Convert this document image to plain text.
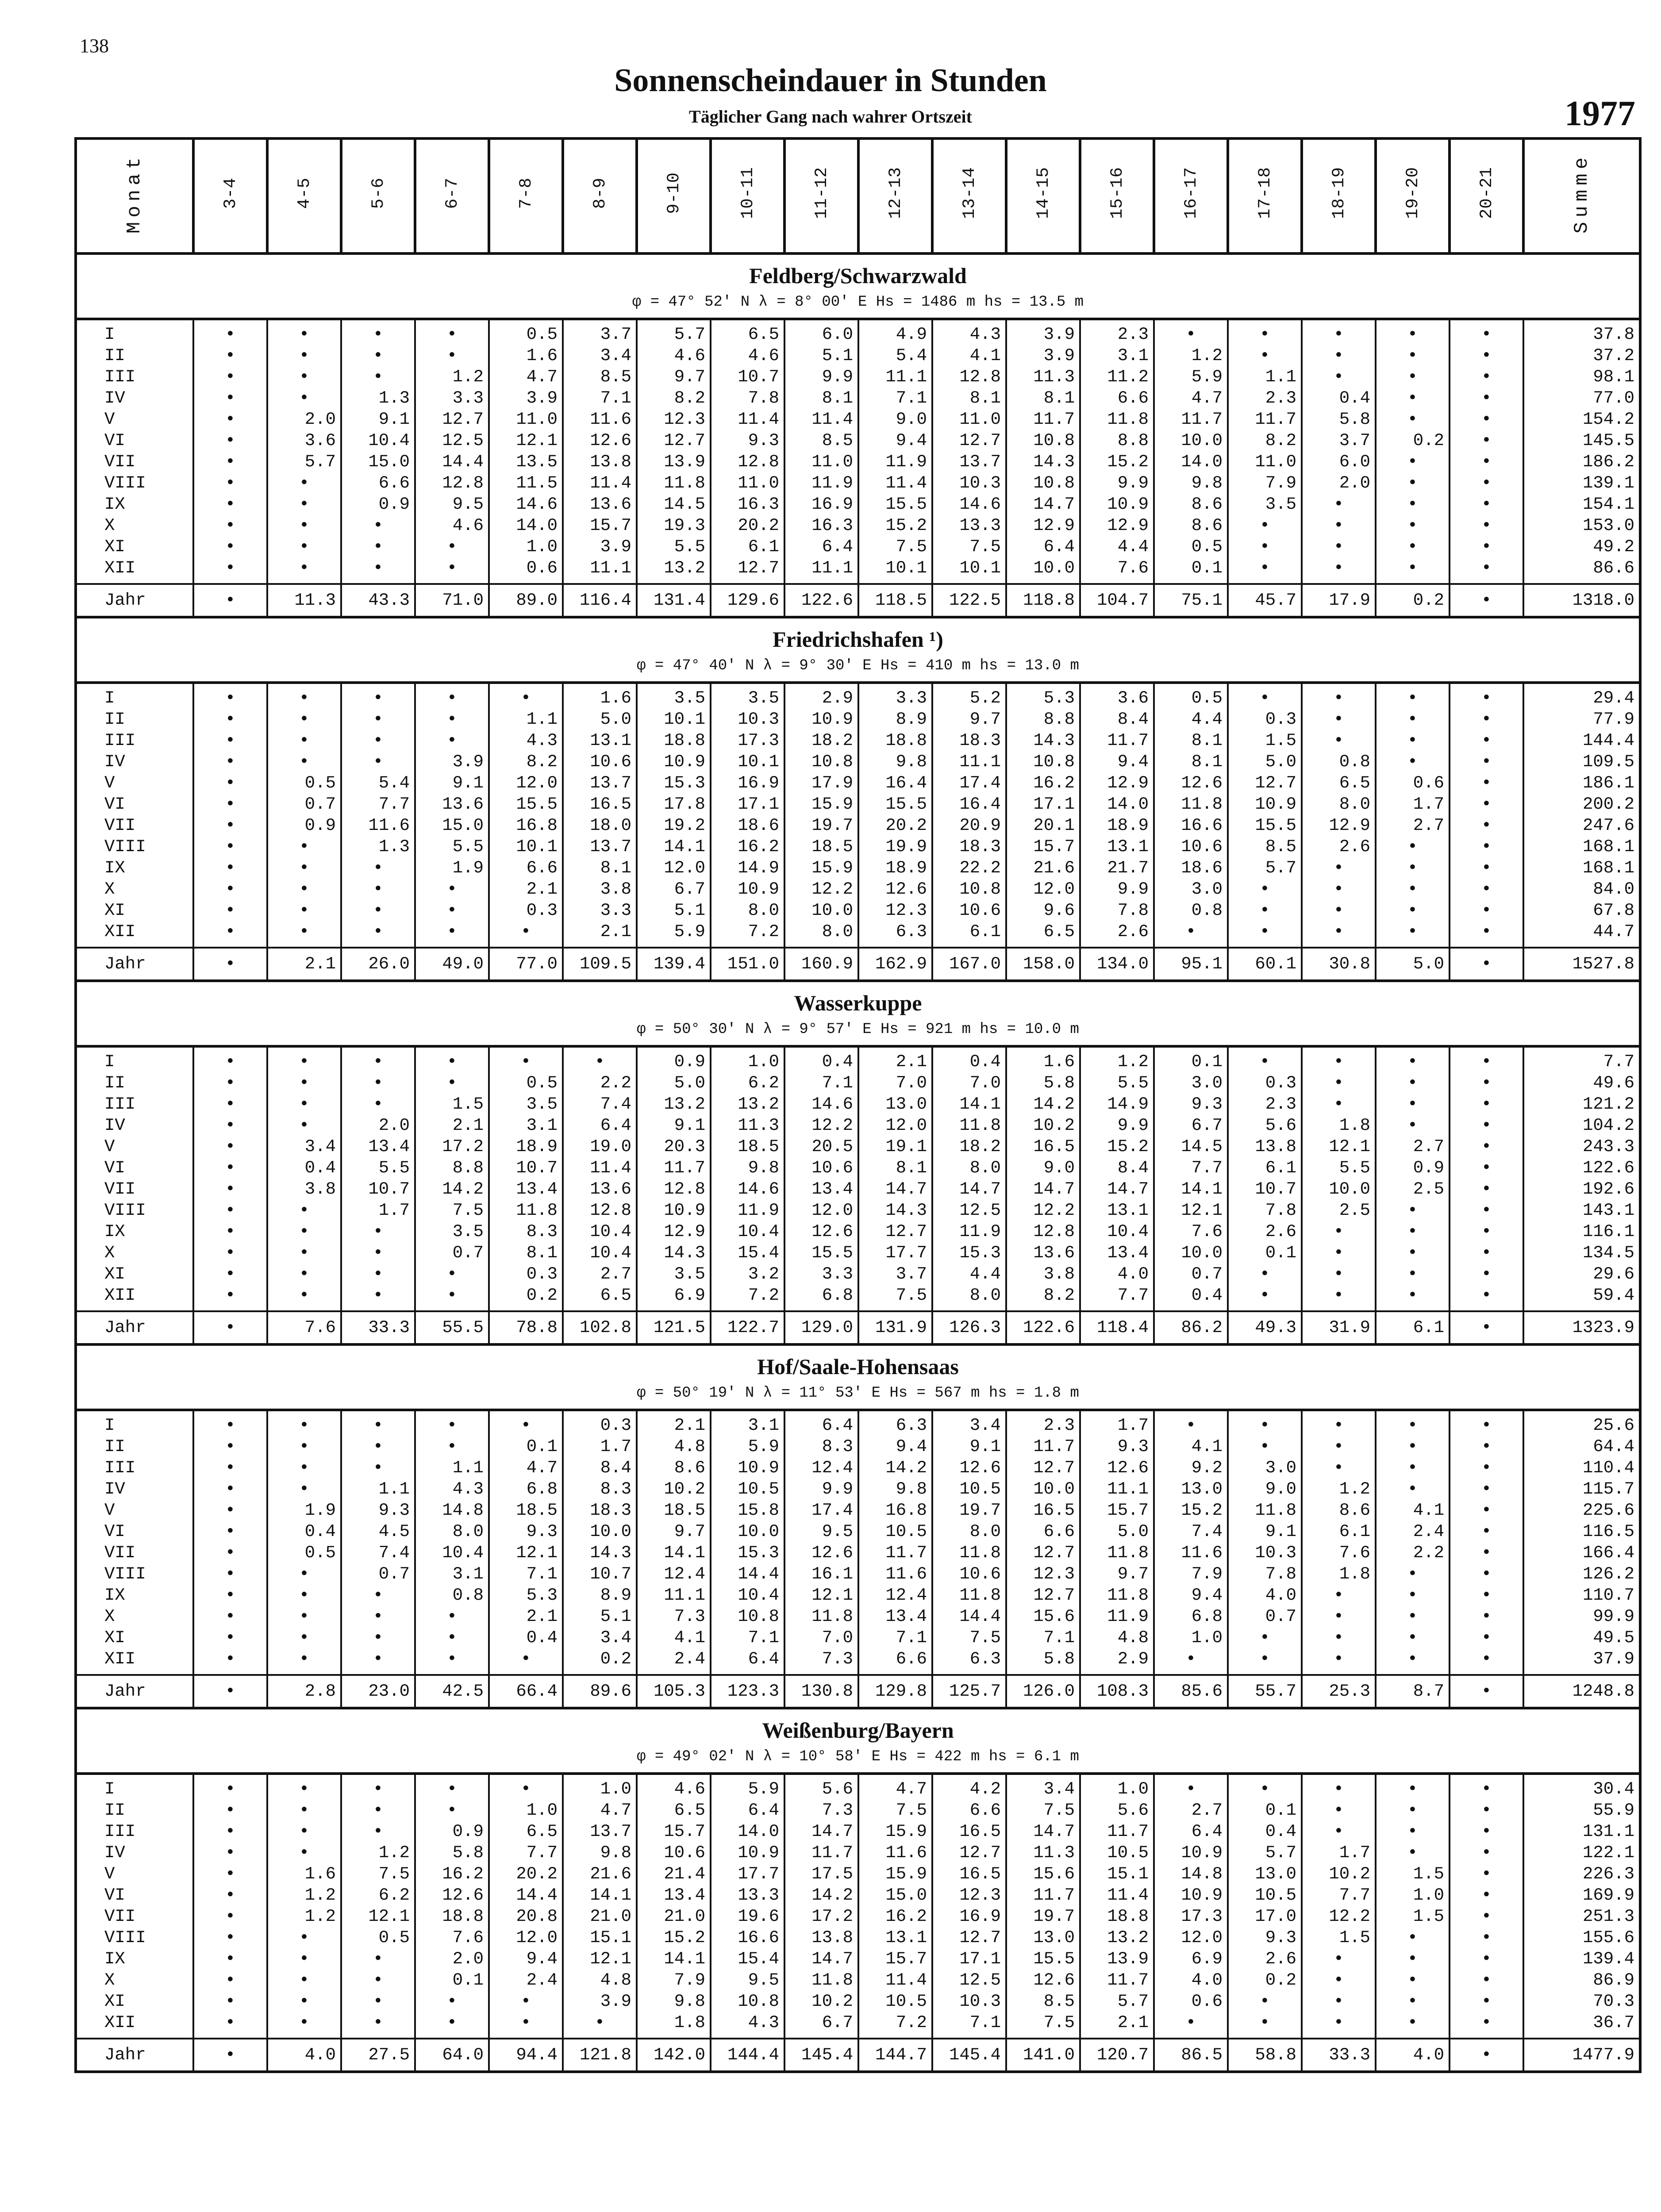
138
Sonnenscheindauer in Stunden
Täglicher Gang nach wahrer Ortszeit	1977
Monat	3-4	4-5	5-6	6-7	7-8	8-9	9-10	10-11	11-12	12-13	13-14	14-15	15-16	16-17	17-18	18-19	19-20	20-21	Summe
Feldberg/Schwarzwald																			
φ = 47° 52′ N λ = 8° 00′ E Hs = 1486 m hs = 13.5 m																			
I	•	•	•	•	0.5	3.7	5.7	6.5	6.0	4.9	4.3	3.9	2.3	•	•	•	•	•	37.8
II	•	•	•	•	1.6	3.4	4.6	4.6	5.1	5.4	4.1	3.9	3.1	1.2	•	•	•	•	37.2
III	•	•	•	1.2	4.7	8.5	9.7	10.7	9.9	11.1	12.8	11.3	11.2	5.9	1.1	•	•	•	98.1
IV	•	•	1.3	3.3	3.9	7.1	8.2	7.8	8.1	7.1	8.1	8.1	6.6	4.7	2.3	0.4	•	•	77.0
V	•	2.0	9.1	12.7	11.0	11.6	12.3	11.4	11.4	9.0	11.0	11.7	11.8	11.7	11.7	5.8	•	•	154.2
VI	•	3.6	10.4	12.5	12.1	12.6	12.7	9.3	8.5	9.4	12.7	10.8	8.8	10.0	8.2	3.7	0.2	•	145.5
VII	•	5.7	15.0	14.4	13.5	13.8	13.9	12.8	11.0	11.9	13.7	14.3	15.2	14.0	11.0	6.0	•	•	186.2
VIII	•	•	6.6	12.8	11.5	11.4	11.8	11.0	11.9	11.4	10.3	10.8	9.9	9.8	7.9	2.0	•	•	139.1
IX	•	•	0.9	9.5	14.6	13.6	14.5	16.3	16.9	15.5	14.6	14.7	10.9	8.6	3.5	•	•	•	154.1
X	•	•	•	4.6	14.0	15.7	19.3	20.2	16.3	15.2	13.3	12.9	12.9	8.6	•	•	•	•	153.0
XI	•	•	•	•	1.0	3.9	5.5	6.1	6.4	7.5	7.5	6.4	4.4	0.5	•	•	•	•	49.2
XII	•	•	•	•	0.6	11.1	13.2	12.7	11.1	10.1	10.1	10.0	7.6	0.1	•	•	•	•	86.6
Jahr	•	11.3	43.3	71.0	89.0	116.4	131.4	129.6	122.6	118.5	122.5	118.8	104.7	75.1	45.7	17.9	0.2	•	1318.0
Friedrichshafen ¹)																			
φ = 47° 40′ N λ = 9° 30′ E Hs = 410 m hs = 13.0 m																			
I	•	•	•	•	•	1.6	3.5	3.5	2.9	3.3	5.2	5.3	3.6	0.5	•	•	•	•	29.4
II	•	•	•	•	1.1	5.0	10.1	10.3	10.9	8.9	9.7	8.8	8.4	4.4	0.3	•	•	•	77.9
III	•	•	•	•	4.3	13.1	18.8	17.3	18.2	18.8	18.3	14.3	11.7	8.1	1.5	•	•	•	144.4
IV	•	•	•	3.9	8.2	10.6	10.9	10.1	10.8	9.8	11.1	10.8	9.4	8.1	5.0	0.8	•	•	109.5
V	•	0.5	5.4	9.1	12.0	13.7	15.3	16.9	17.9	16.4	17.4	16.2	12.9	12.6	12.7	6.5	0.6	•	186.1
VI	•	0.7	7.7	13.6	15.5	16.5	17.8	17.1	15.9	15.5	16.4	17.1	14.0	11.8	10.9	8.0	1.7	•	200.2
VII	•	0.9	11.6	15.0	16.8	18.0	19.2	18.6	19.7	20.2	20.9	20.1	18.9	16.6	15.5	12.9	2.7	•	247.6
VIII	•	•	1.3	5.5	10.1	13.7	14.1	16.2	18.5	19.9	18.3	15.7	13.1	10.6	8.5	2.6	•	•	168.1
IX	•	•	•	1.9	6.6	8.1	12.0	14.9	15.9	18.9	22.2	21.6	21.7	18.6	5.7	•	•	•	168.1
X	•	•	•	•	2.1	3.8	6.7	10.9	12.2	12.6	10.8	12.0	9.9	3.0	•	•	•	•	84.0
XI	•	•	•	•	0.3	3.3	5.1	8.0	10.0	12.3	10.6	9.6	7.8	0.8	•	•	•	•	67.8
XII	•	•	•	•	•	2.1	5.9	7.2	8.0	6.3	6.1	6.5	2.6	•	•	•	•	•	44.7
Jahr	•	2.1	26.0	49.0	77.0	109.5	139.4	151.0	160.9	162.9	167.0	158.0	134.0	95.1	60.1	30.8	5.0	•	1527.8
Wasserkuppe																			
φ = 50° 30′ N λ = 9° 57′ E Hs = 921 m hs = 10.0 m																			
I	•	•	•	•	•	•	0.9	1.0	0.4	2.1	0.4	1.6	1.2	0.1	•	•	•	•	7.7
II	•	•	•	•	0.5	2.2	5.0	6.2	7.1	7.0	7.0	5.8	5.5	3.0	0.3	•	•	•	49.6
III	•	•	•	1.5	3.5	7.4	13.2	13.2	14.6	13.0	14.1	14.2	14.9	9.3	2.3	•	•	•	121.2
IV	•	•	2.0	2.1	3.1	6.4	9.1	11.3	12.2	12.0	11.8	10.2	9.9	6.7	5.6	1.8	•	•	104.2
V	•	3.4	13.4	17.2	18.9	19.0	20.3	18.5	20.5	19.1	18.2	16.5	15.2	14.5	13.8	12.1	2.7	•	243.3
VI	•	0.4	5.5	8.8	10.7	11.4	11.7	9.8	10.6	8.1	8.0	9.0	8.4	7.7	6.1	5.5	0.9	•	122.6
VII	•	3.8	10.7	14.2	13.4	13.6	12.8	14.6	13.4	14.7	14.7	14.7	14.7	14.1	10.7	10.0	2.5	•	192.6
VIII	•	•	1.7	7.5	11.8	12.8	10.9	11.9	12.0	14.3	12.5	12.2	13.1	12.1	7.8	2.5	•	•	143.1
IX	•	•	•	3.5	8.3	10.4	12.9	10.4	12.6	12.7	11.9	12.8	10.4	7.6	2.6	•	•	•	116.1
X	•	•	•	0.7	8.1	10.4	14.3	15.4	15.5	17.7	15.3	13.6	13.4	10.0	0.1	•	•	•	134.5
XI	•	•	•	•	0.3	2.7	3.5	3.2	3.3	3.7	4.4	3.8	4.0	0.7	•	•	•	•	29.6
XII	•	•	•	•	0.2	6.5	6.9	7.2	6.8	7.5	8.0	8.2	7.7	0.4	•	•	•	•	59.4
Jahr	•	7.6	33.3	55.5	78.8	102.8	121.5	122.7	129.0	131.9	126.3	122.6	118.4	86.2	49.3	31.9	6.1	•	1323.9
Hof/Saale-Hohensaas																			
φ = 50° 19′ N λ = 11° 53′ E Hs = 567 m hs = 1.8 m																			
I	•	•	•	•	•	0.3	2.1	3.1	6.4	6.3	3.4	2.3	1.7	•	•	•	•	•	25.6
II	•	•	•	•	0.1	1.7	4.8	5.9	8.3	9.4	9.1	11.7	9.3	4.1	•	•	•	•	64.4
III	•	•	•	1.1	4.7	8.4	8.6	10.9	12.4	14.2	12.6	12.7	12.6	9.2	3.0	•	•	•	110.4
IV	•	•	1.1	4.3	6.8	8.3	10.2	10.5	9.9	9.8	10.5	10.0	11.1	13.0	9.0	1.2	•	•	115.7
V	•	1.9	9.3	14.8	18.5	18.3	18.5	15.8	17.4	16.8	19.7	16.5	15.7	15.2	11.8	8.6	4.1	•	225.6
VI	•	0.4	4.5	8.0	9.3	10.0	9.7	10.0	9.5	10.5	8.0	6.6	5.0	7.4	9.1	6.1	2.4	•	116.5
VII	•	0.5	7.4	10.4	12.1	14.3	14.1	15.3	12.6	11.7	11.8	12.7	11.8	11.6	10.3	7.6	2.2	•	166.4
VIII	•	•	0.7	3.1	7.1	10.7	12.4	14.4	16.1	11.6	10.6	12.3	9.7	7.9	7.8	1.8	•	•	126.2
IX	•	•	•	0.8	5.3	8.9	11.1	10.4	12.1	12.4	11.8	12.7	11.8	9.4	4.0	•	•	•	110.7
X	•	•	•	•	2.1	5.1	7.3	10.8	11.8	13.4	14.4	15.6	11.9	6.8	0.7	•	•	•	99.9
XI	•	•	•	•	0.4	3.4	4.1	7.1	7.0	7.1	7.5	7.1	4.8	1.0	•	•	•	•	49.5
XII	•	•	•	•	•	0.2	2.4	6.4	7.3	6.6	6.3	5.8	2.9	•	•	•	•	•	37.9
Jahr	•	2.8	23.0	42.5	66.4	89.6	105.3	123.3	130.8	129.8	125.7	126.0	108.3	85.6	55.7	25.3	8.7	•	1248.8
Weißenburg/Bayern																			
φ = 49° 02′ N λ = 10° 58′ E Hs = 422 m hs = 6.1 m																			
I	•	•	•	•	•	1.0	4.6	5.9	5.6	4.7	4.2	3.4	1.0	•	•	•	•	•	30.4
II	•	•	•	•	1.0	4.7	6.5	6.4	7.3	7.5	6.6	7.5	5.6	2.7	0.1	•	•	•	55.9
III	•	•	•	0.9	6.5	13.7	15.7	14.0	14.7	15.9	16.5	14.7	11.7	6.4	0.4	•	•	•	131.1
IV	•	•	1.2	5.8	7.7	9.8	10.6	10.9	11.7	11.6	12.7	11.3	10.5	10.9	5.7	1.7	•	•	122.1
V	•	1.6	7.5	16.2	20.2	21.6	21.4	17.7	17.5	15.9	16.5	15.6	15.1	14.8	13.0	10.2	1.5	•	226.3
VI	•	1.2	6.2	12.6	14.4	14.1	13.4	13.3	14.2	15.0	12.3	11.7	11.4	10.9	10.5	7.7	1.0	•	169.9
VII	•	1.2	12.1	18.8	20.8	21.0	21.0	19.6	17.2	16.2	16.9	19.7	18.8	17.3	17.0	12.2	1.5	•	251.3
VIII	•	•	0.5	7.6	12.0	15.1	15.2	16.6	13.8	13.1	12.7	13.0	13.2	12.0	9.3	1.5	•	•	155.6
IX	•	•	•	2.0	9.4	12.1	14.1	15.4	14.7	15.7	17.1	15.5	13.9	6.9	2.6	•	•	•	139.4
X	•	•	•	0.1	2.4	4.8	7.9	9.5	11.8	11.4	12.5	12.6	11.7	4.0	0.2	•	•	•	86.9
XI	•	•	•	•	•	3.9	9.8	10.8	10.2	10.5	10.3	8.5	5.7	0.6	•	•	•	•	70.3
XII	•	•	•	•	•	•	1.8	4.3	6.7	7.2	7.1	7.5	2.1	•	•	•	•	•	36.7
Jahr	•	4.0	27.5	64.0	94.4	121.8	142.0	144.4	145.4	144.7	145.4	141.0	120.7	86.5	58.8	33.3	4.0	•	1477.9
